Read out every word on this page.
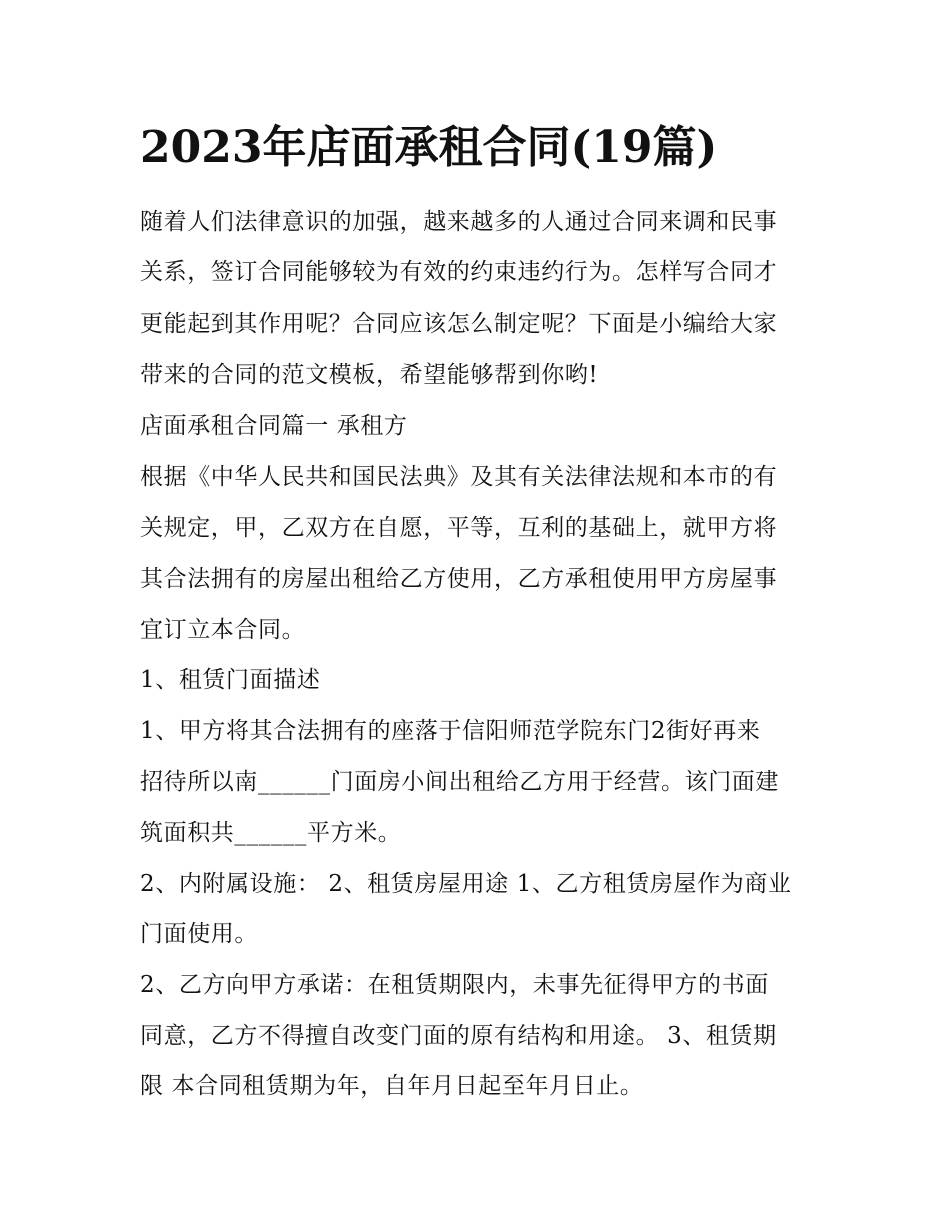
2023年店面承租合同(19篇)
随着人们法律意识的加强，越来越多的人通过合同来调和民事
关系，签订合同能够较为有效的约束违约行为。怎样写合同才
更能起到其作用呢？合同应该怎么制定呢？下面是小编给大家
带来的合同的范文模板，希望能够帮到你哟!
店面承租合同篇一 承租方
根据《中华人民共和国民法典》及其有关法律法规和本市的有
关规定，甲，乙双方在自愿，平等，互利的基础上，就甲方将
其合法拥有的房屋出租给乙方使用，乙方承租使用甲方房屋事
宜订立本合同。
1、租赁门面描述
1、甲方将其合法拥有的座落于信阳师范学院东门2街好再来
招待所以南______门面房小间出租给乙方用于经营。该门面建
筑面积共______平方米。
2、内附属设施： 2、租赁房屋用途 1、乙方租赁房屋作为商业
门面使用。
2、乙方向甲方承诺：在租赁期限内，未事先征得甲方的书面
同意，乙方不得擅自改变门面的原有结构和用途。 3、租赁期
限 本合同租赁期为年，自年月日起至年月日止。
